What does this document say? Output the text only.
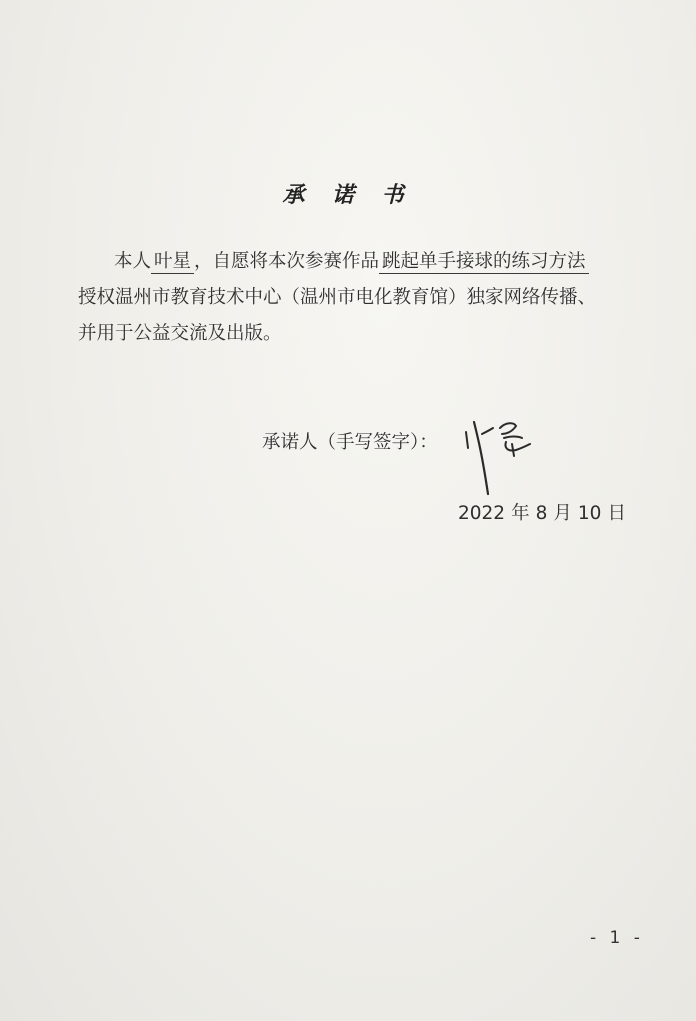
承 诺 书
本人 叶星 ，自愿将本次参赛作品 跳起单手接球的练习方法
授权温州市教育技术中心（温州市电化教育馆）独家网络传播、
并用于公益交流及出版。
承诺人（手写签字）：
2022 年 8 月 10 日
- 1 -
